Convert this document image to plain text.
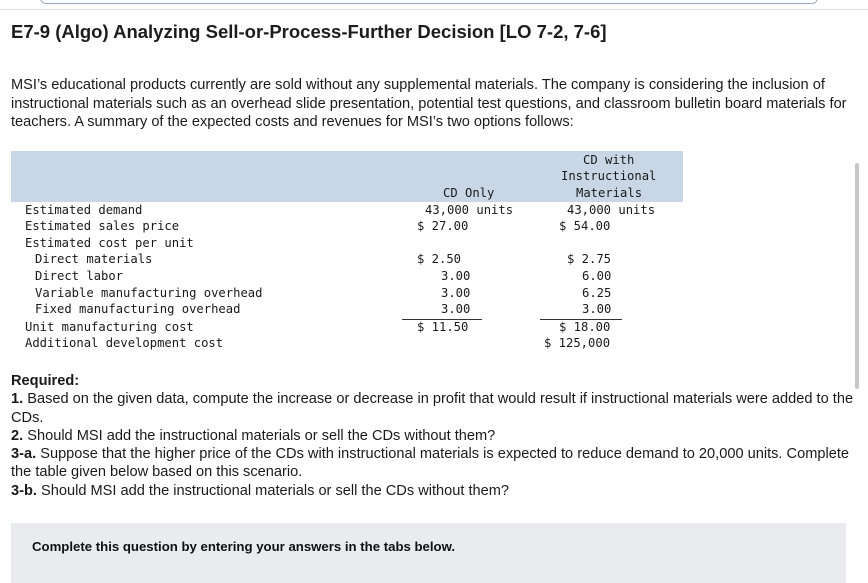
E7-9 (Algo) Analyzing Sell-or-Process-Further Decision [LO 7-2, 7-6]

MSI’s educational products currently are sold without any supplemental materials. The company is considering the inclusion of instructional materials such as an overhead slide presentation, potential test questions, and classroom bulletin board materials for teachers. A summary of the expected costs and revenues for MSI’s two options follows:

CD Only
CD with
Instructional
Materials
Estimated demand
Estimated sales price
Estimated cost per unit
Direct materials
Direct labor
Variable manufacturing overhead
Fixed manufacturing overhead
Unit manufacturing cost
Additional development cost
43,000 units
$ 27.00
$ 2.50
3.00
3.00
3.00
$ 11.50
43,000 units
$ 54.00
$ 2.75
6.00
6.25
3.00
$ 18.00
$ 125,000

Required:

1. Based on the given data, compute the increase or decrease in profit that would result if instructional materials were added to the CDs.

2. Should MSI add the instructional materials or sell the CDs without them?

3-a. Suppose that the higher price of the CDs with instructional materials is expected to reduce demand to 20,000 units. Complete the table given below based on this scenario.

3-b. Should MSI add the instructional materials or sell the CDs without them?

Complete this question by entering your answers in the tabs below.
